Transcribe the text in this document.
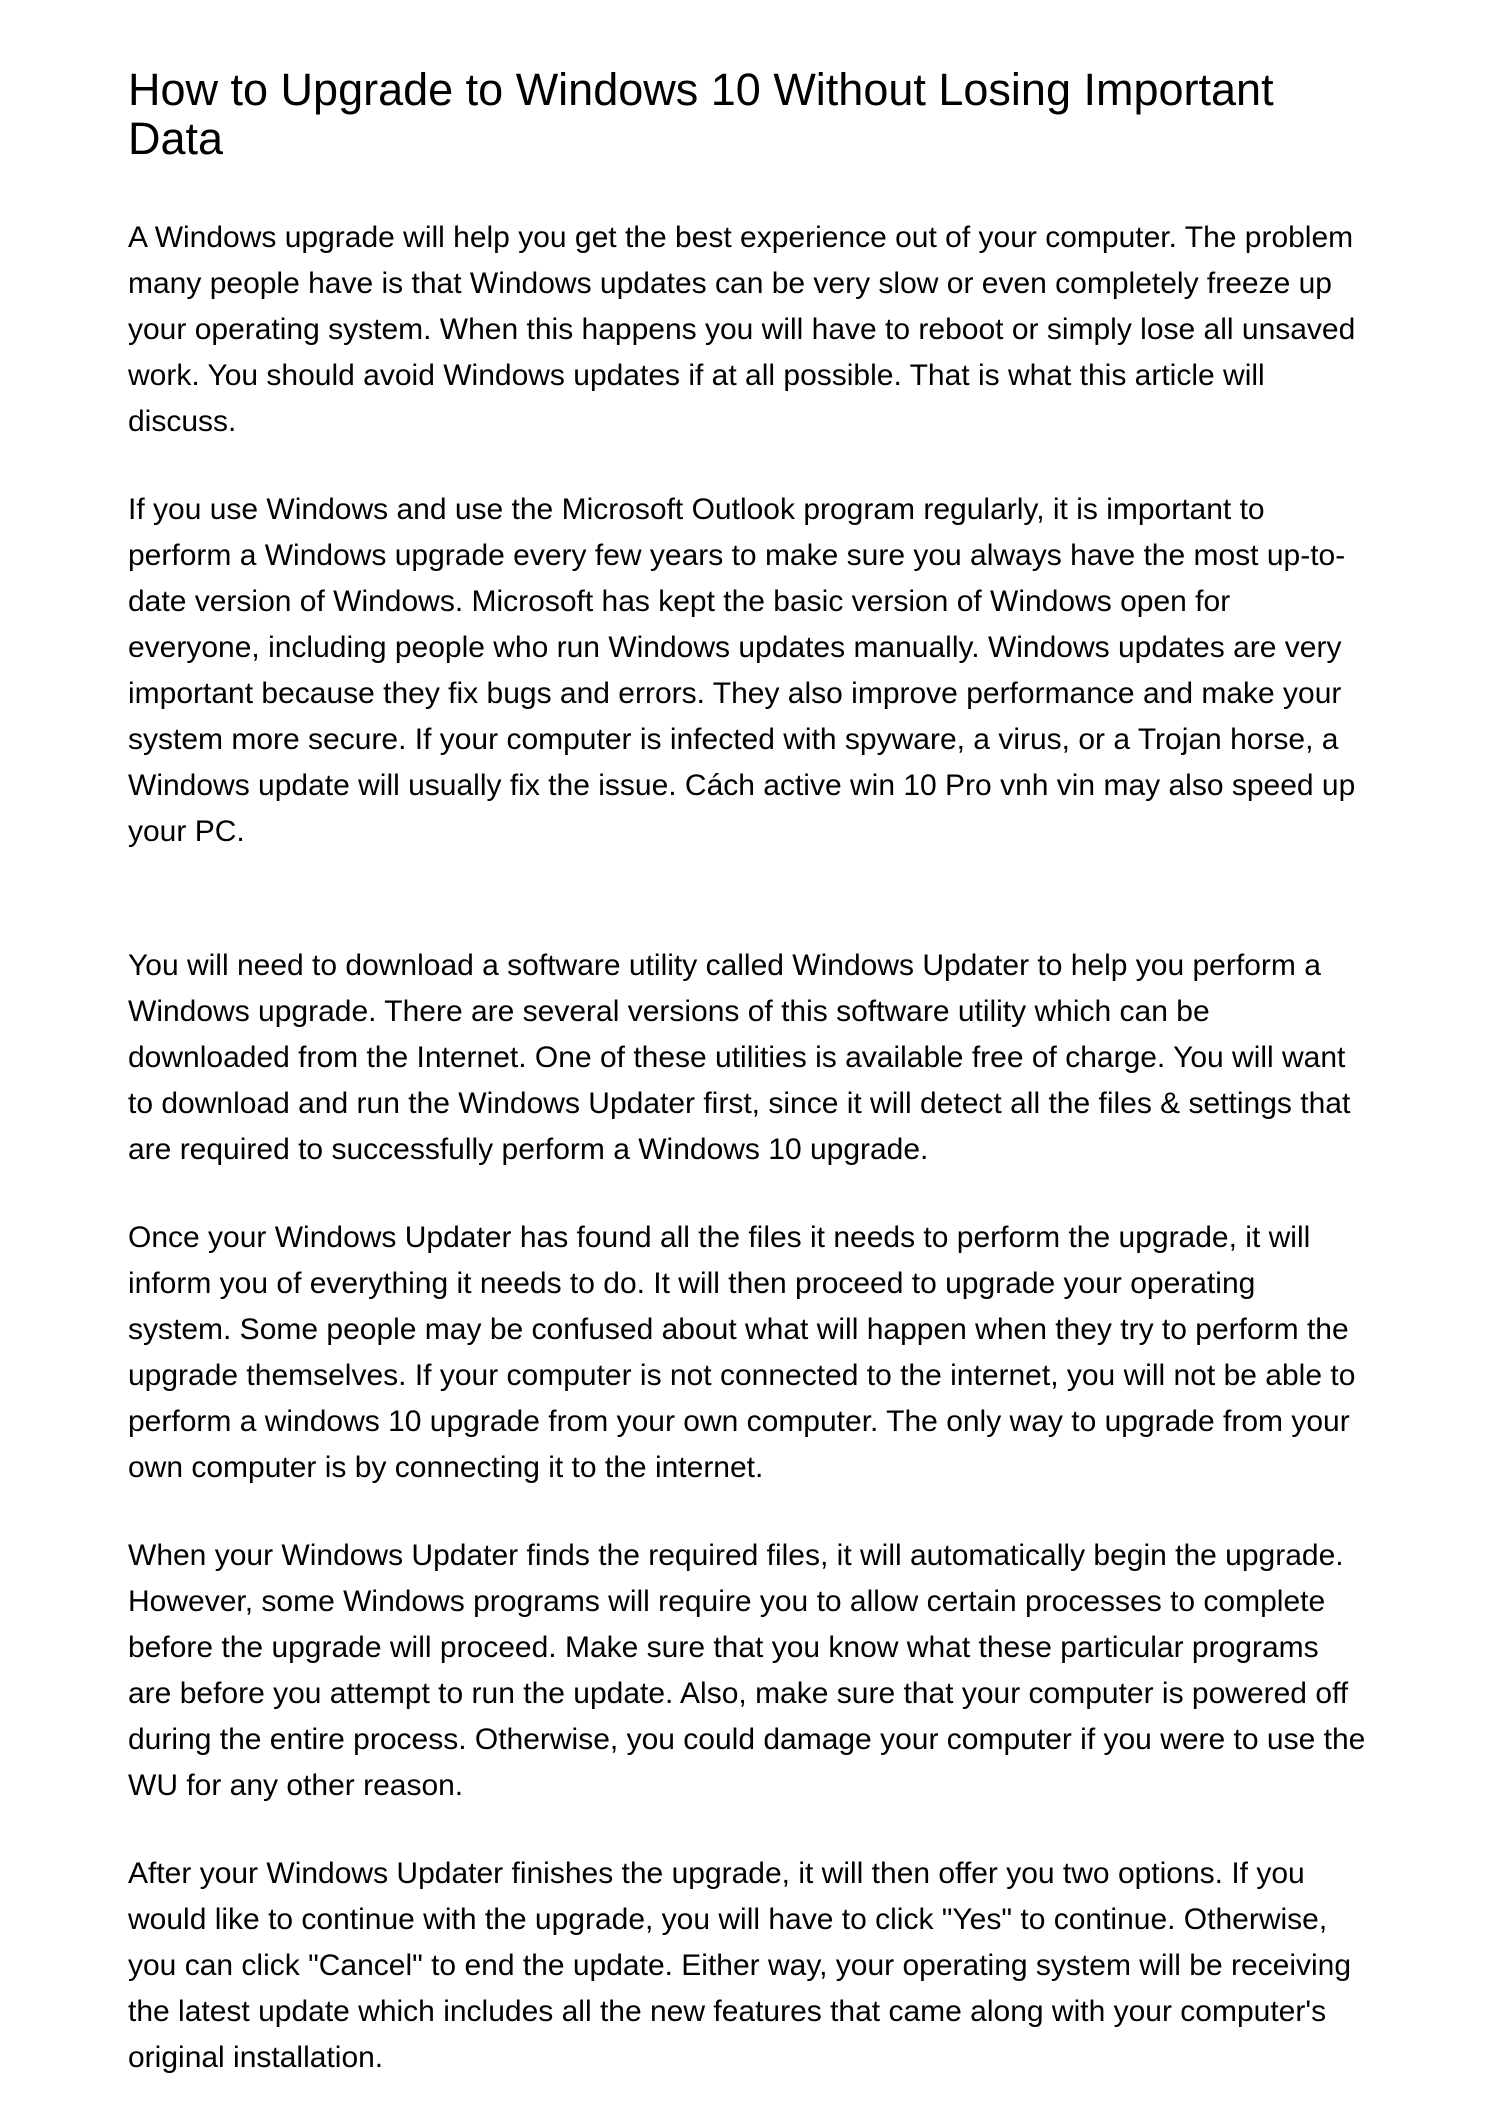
How to Upgrade to Windows 10 Without Losing Important
Data
A Windows upgrade will help you get the best experience out of your computer. The problem
many people have is that Windows updates can be very slow or even completely freeze up
your operating system. When this happens you will have to reboot or simply lose all unsaved
work. You should avoid Windows updates if at all possible. That is what this article will
discuss.
If you use Windows and use the Microsoft Outlook program regularly, it is important to
perform a Windows upgrade every few years to make sure you always have the most up-to-
date version of Windows. Microsoft has kept the basic version of Windows open for
everyone, including people who run Windows updates manually. Windows updates are very
important because they fix bugs and errors. They also improve performance and make your
system more secure. If your computer is infected with spyware, a virus, or a Trojan horse, a
Windows update will usually fix the issue. Cách active win 10 Pro vnh vin may also speed up
your PC.
You will need to download a software utility called Windows Updater to help you perform a
Windows upgrade. There are several versions of this software utility which can be
downloaded from the Internet. One of these utilities is available free of charge. You will want
to download and run the Windows Updater first, since it will detect all the files & settings that
are required to successfully perform a Windows 10 upgrade.
Once your Windows Updater has found all the files it needs to perform the upgrade, it will
inform you of everything it needs to do. It will then proceed to upgrade your operating
system. Some people may be confused about what will happen when they try to perform the
upgrade themselves. If your computer is not connected to the internet, you will not be able to
perform a windows 10 upgrade from your own computer. The only way to upgrade from your
own computer is by connecting it to the internet.
When your Windows Updater finds the required files, it will automatically begin the upgrade.
However, some Windows programs will require you to allow certain processes to complete
before the upgrade will proceed. Make sure that you know what these particular programs
are before you attempt to run the update. Also, make sure that your computer is powered off
during the entire process. Otherwise, you could damage your computer if you were to use the
WU for any other reason.
After your Windows Updater finishes the upgrade, it will then offer you two options. If you
would like to continue with the upgrade, you will have to click "Yes" to continue. Otherwise,
you can click "Cancel" to end the update. Either way, your operating system will be receiving
the latest update which includes all the new features that came along with your computer's
original installation.
